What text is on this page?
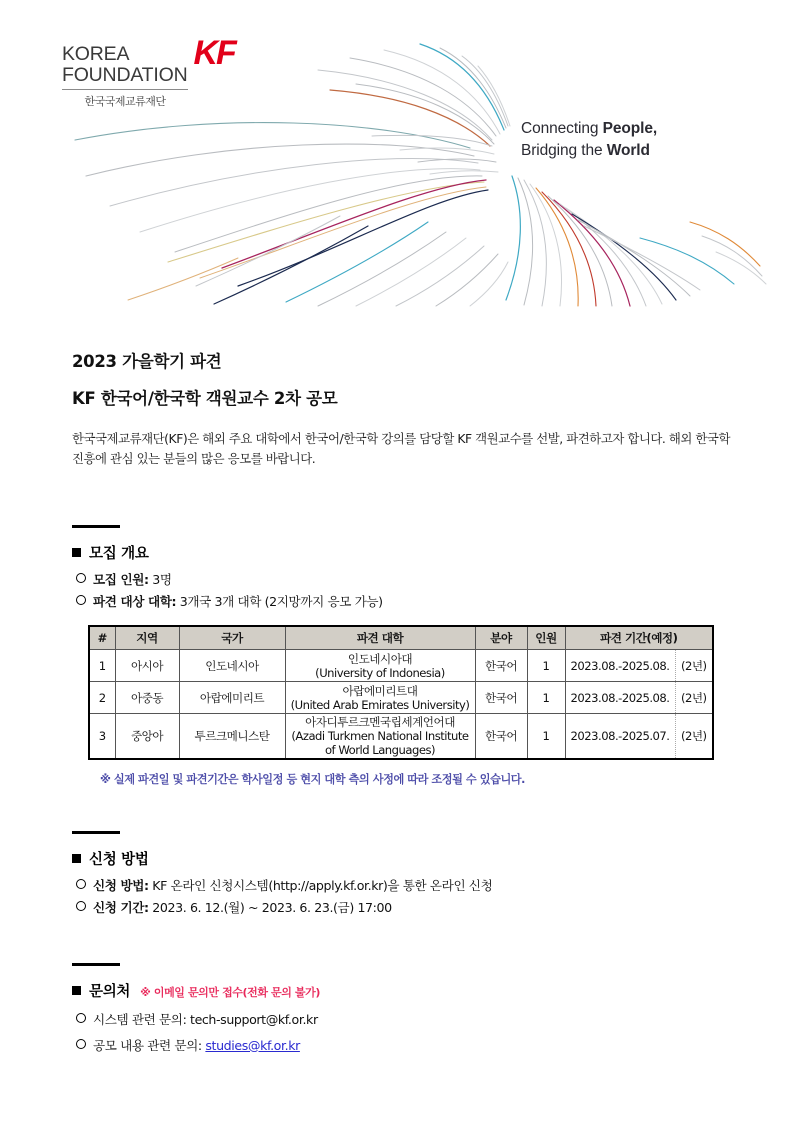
KOREA
FOUNDATION
KF
한국국제교류재단
Connecting People,
Bridging the World
2023 가을학기 파견
KF 한국어/한국학 객원교수 2차 공모

한국국제교류재단(KF)은 해외 주요 대학에서 한국어/한국학 강의를 담당할 KF 객원교수를 선발, 파견하고자 합니다. 해외 한국학 진흥에 관심 있는 분들의 많은 응모를 바랍니다.

모집 개요
모집 인원: 3명
파견 대상 대학: 3개국 3개 대학 (2지망까지 응모 가능)
#	지역	국가	파견 대학	분야	인원	파견 기간(예정)	
1	아시아	인도네시아	인도네시아대
(University of Indonesia)	한국어	1	2023.08.-2025.08.	(2년)
2	아중동	아랍에미리트	아랍에미리트대
(United Arab Emirates University)	한국어	1	2023.08.-2025.08.	(2년)
3	중앙아	투르크메니스탄	아자디투르크멘국립세계언어대
(Azadi Turkmen National Institute
of World Languages)	한국어	1	2023.08.-2025.07.	(2년)
※ 실제 파견일 및 파견기간은 학사일정 등 현지 대학 측의 사정에 따라 조정될 수 있습니다.
신청 방법
신청 방법: KF 온라인 신청시스템(http://apply.kf.or.kr)을 통한 온라인 신청
신청 기간: 2023. 6. 12.(월) ~ 2023. 6. 23.(금) 17:00
문의처 ※ 이메일 문의만 접수(전화 문의 불가)
시스템 관련 문의: tech-support@kf.or.kr
공모 내용 관련 문의: studies@kf.or.kr
